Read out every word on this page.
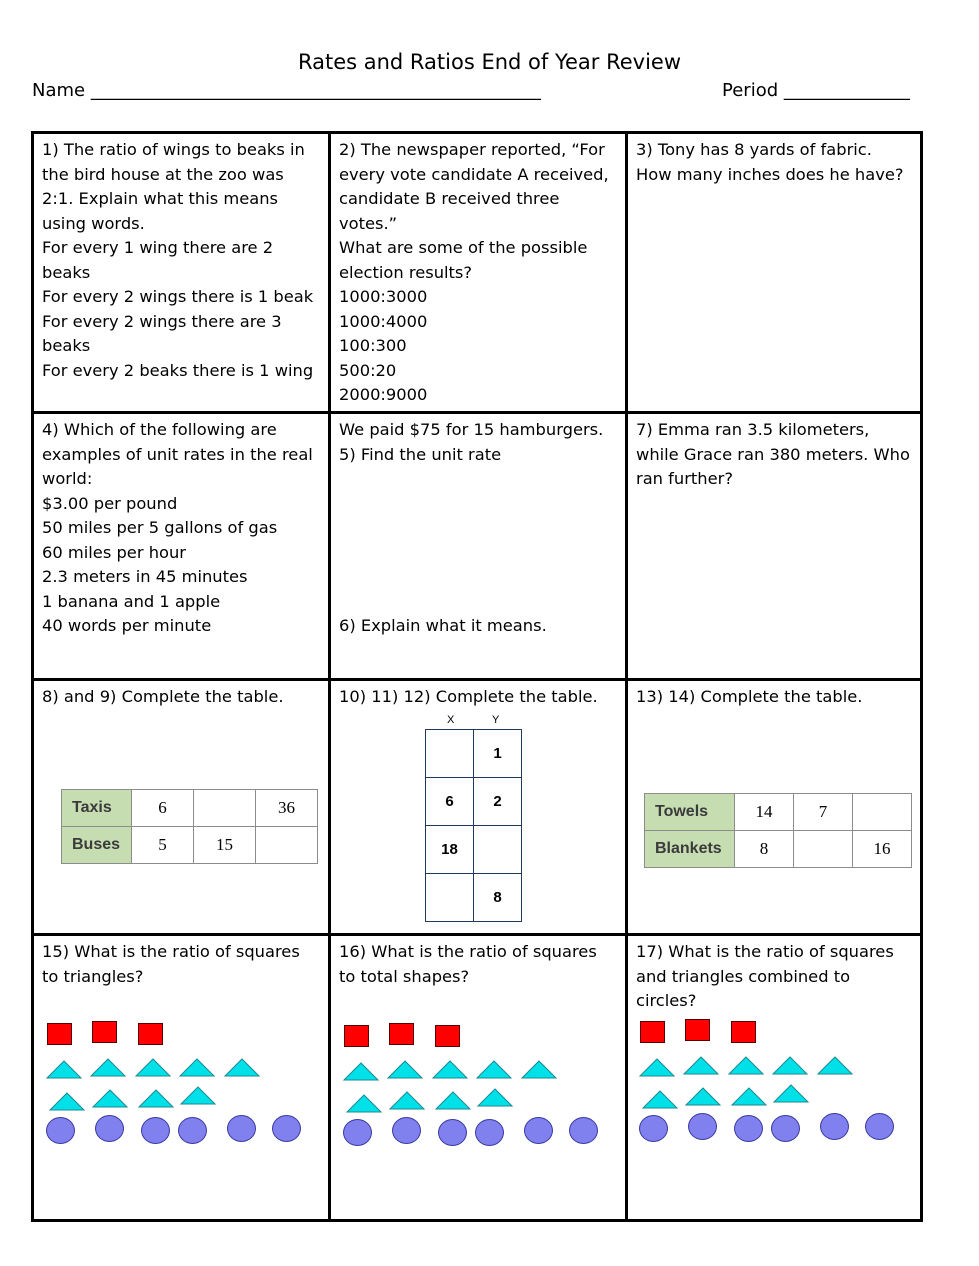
Rates and Ratios End of Year Review
Name __________________________________________________	Period ______________
1) The ratio of wings to beaks in the bird house at the zoo was 2:1. Explain what this means using words.
For every 1 wing there are 2 beaks
For every 2 wings there is 1 beak
For every 2 wings there are 3 beaks
For every 2 beaks there is 1 wing
2) The newspaper reported, “For every vote candidate A received, candidate B received three votes.”
What are some of the possible election results?
1000:3000
1000:4000
100:300
500:20
2000:9000
3) Tony has 8 yards of fabric. How many inches does he have?
4) Which of the following are examples of unit rates in the real world:
$3.00 per pound
50 miles per 5 gallons of gas
60 miles per hour
2.3 meters in 45 minutes
1 banana and 1 apple
40 words per minute
We paid $75 for 15 hamburgers.
5) Find the unit rate
6) Explain what it means.
7) Emma ran 3.5 kilometers, while Grace ran 380 meters. Who ran further?
8) and 9) Complete the table.
Taxis	6		36
Buses	5	15	
10) 11) 12) Complete the table.
X	Y
	1
6	2
18	
	8
13) 14) Complete the table.
Towels	14	7	
Blankets	8		16
15) What is the ratio of squares to triangles?
16) What is the ratio of squares to total shapes?
17) What is the ratio of squares and triangles combined to circles?
